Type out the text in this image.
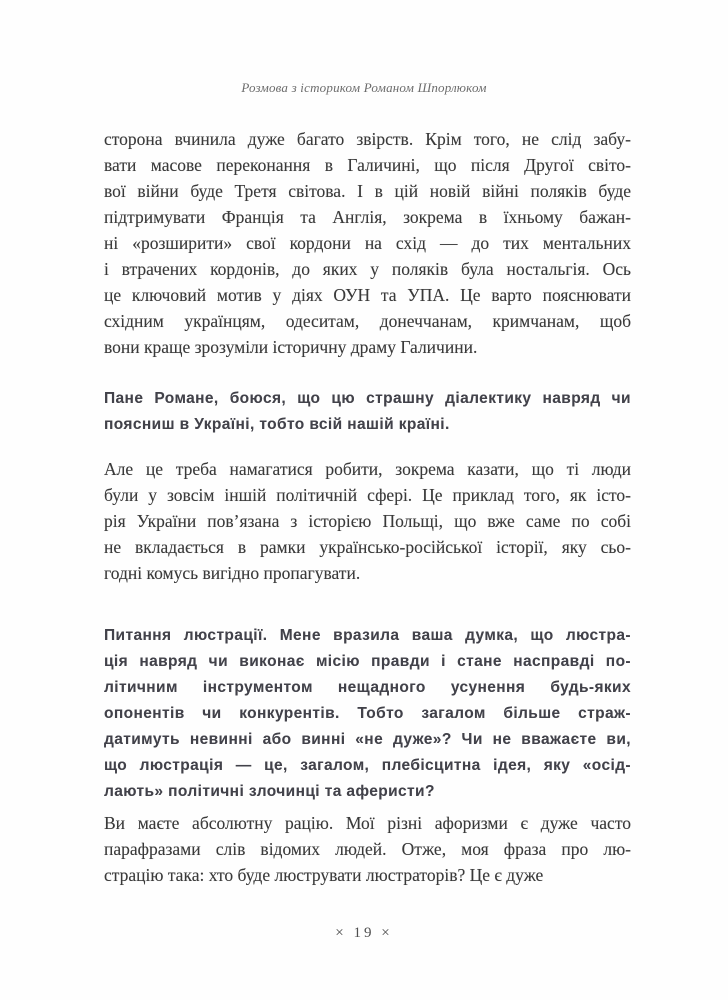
Розмова з істориком Романом Шпорлюком
сторона вчинила дуже багато звірств. Крім того, не слід забу-
вати масове переконання в Галичині, що після Другої світо-
вої війни буде Третя світова. І в цій новій війні поляків буде
підтримувати Франція та Англія, зокрема в їхньому бажан-
ні «розширити» свої кордони на схід — до тих ментальних
і втрачених кордонів, до яких у поляків була ностальгія. Ось
це ключовий мотив у діях ОУН та УПА. Це варто пояснювати
східним українцям, одеситам, донеччанам, кримчанам, щоб
вони краще зрозуміли історичну драму Галичини.
Пане Романе, боюся, що цю страшну діалектику навряд чи
поясниш в Україні, тобто всій нашій країні.
Але це треба намагатися робити, зокрема казати, що ті люди
були у зовсім іншій політичній сфері. Це приклад того, як істо-
рія України пов’язана з історією Польщі, що вже саме по собі
не вкладається в рамки українсько-російської історії, яку сьо-
годні комусь вигідно пропагувати.
Питання люстрації. Мене вразила ваша думка, що люстра-
ція навряд чи виконає місію правди і стане насправді по-
літичним інструментом нещадного усунення будь-яких
опонентів чи конкурентів. Тобто загалом більше страж-
датимуть невинні або винні «не дуже»? Чи не вважаєте ви,
що люстрація — це, загалом, плебісцитна ідея, яку «осід-
лають» політичні злочинці та аферисти?
Ви маєте абсолютну рацію. Мої різні афоризми є дуже часто
парафразами слів відомих людей. Отже, моя фраза про лю-
страцію така: хто буде люструвати люстраторів? Це є дуже
× 19 ×
